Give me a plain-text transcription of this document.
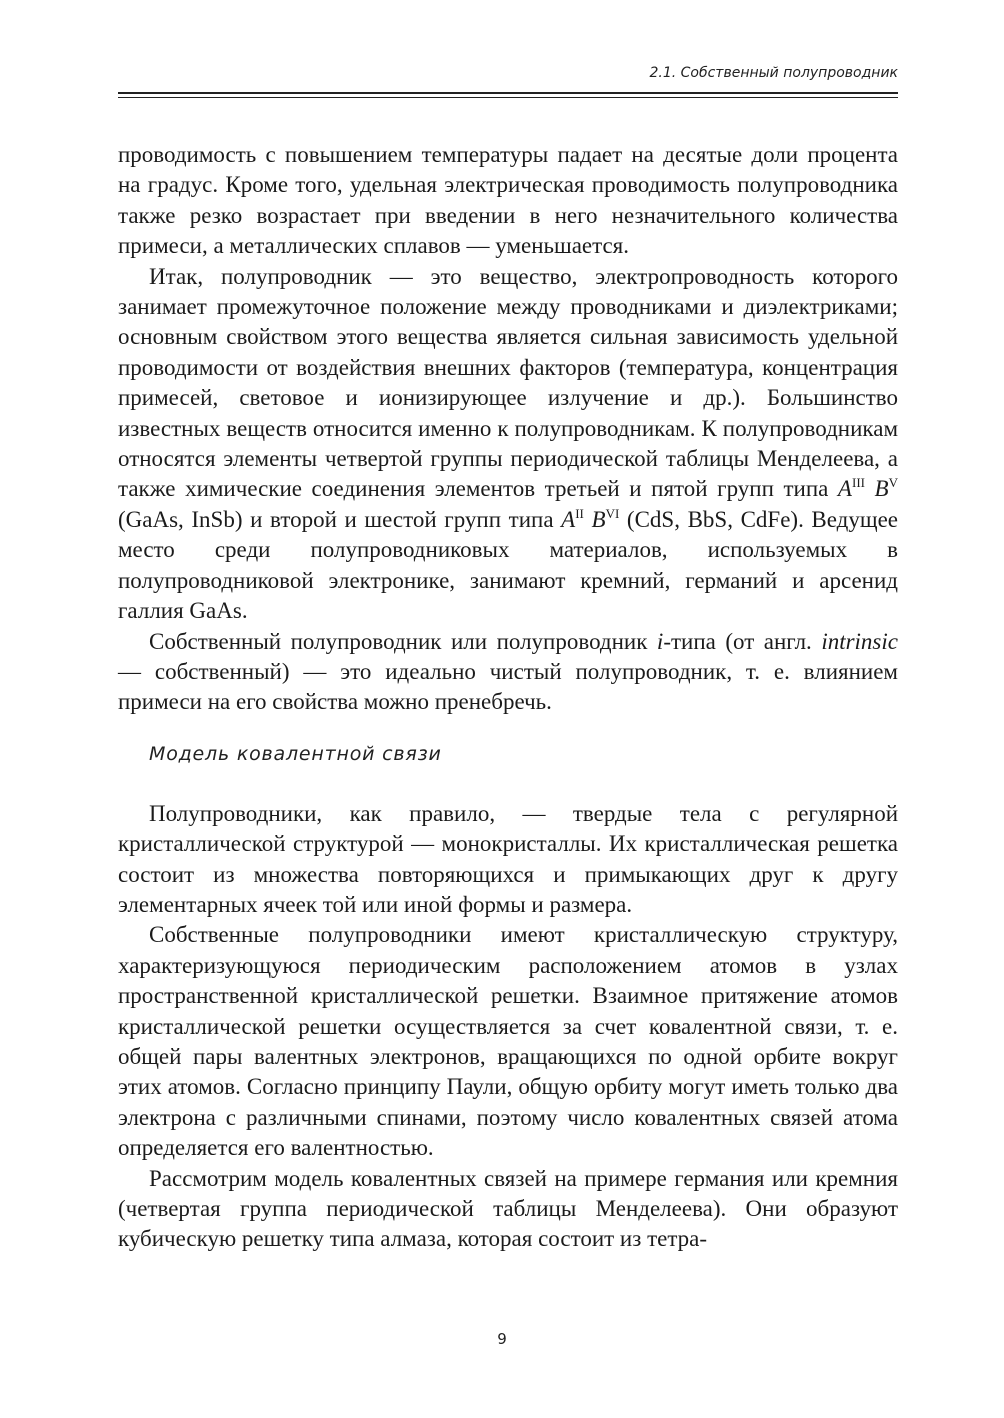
2.1. Собственный полупроводник

проводимость с повышением температуры падает на десятые доли процента на градус. Кроме того, удельная электрическая проводимость полупроводника также резко возрастает при введении в него незначительного количества примеси, а металлических сплавов — уменьшается.

Итак, полупроводник — это вещество, электропроводность которого занимает промежуточное положение между проводниками и диэлектриками; основным свойством этого вещества является сильная зависимость удельной проводимости от воздействия внешних факторов (температура, концентрация примесей, световое и ионизирующее излучение и др.). Большинство известных веществ относится именно к полупроводникам. К полупроводникам относятся элементы четвертой группы периодической таблицы Менделеева, а также химические соединения элементов третьей и пятой групп типа $A^{III}$ $B^V$ (GaAs, InSb) и второй и шестой групп типа $A^{II}$ $B^{VI}$ (CdS, BbS, CdFe). Ведущее место среди полупроводниковых материалов, используемых в полупроводниковой электронике, занимают кремний, германий и арсенид галлия GaAs.

Собственный полупроводник или полупроводник i-типа (от англ. intrinsic — собственный) — это идеально чистый полупроводник, т. е. влиянием примеси на его свойства можно пренебречь.

Модель ковалентной связи

Полупроводники, как правило, — твердые тела с регулярной кристаллической структурой — монокристаллы. Их кристаллическая решетка состоит из множества повторяющихся и примыкающих друг к другу элементарных ячеек той или иной формы и размера.

Собственные полупроводники имеют кристаллическую структуру, характеризующуюся периодическим расположением атомов в узлах пространственной кристаллической решетки. Взаимное притяжение атомов кристаллической решетки осуществляется за счет ковалентной связи, т. е. общей пары валентных электронов, вращающихся по одной орбите вокруг этих атомов. Согласно принципу Паули, общую орбиту могут иметь только два электрона с различными спинами, поэтому число ковалентных связей атома определяется его валентностью.

Рассмотрим модель ковалентных связей на примере германия или кремния (четвертая группа периодической таблицы Менделеева). Они образуют кубическую решетку типа алмаза, которая состоит из тетра-

9
